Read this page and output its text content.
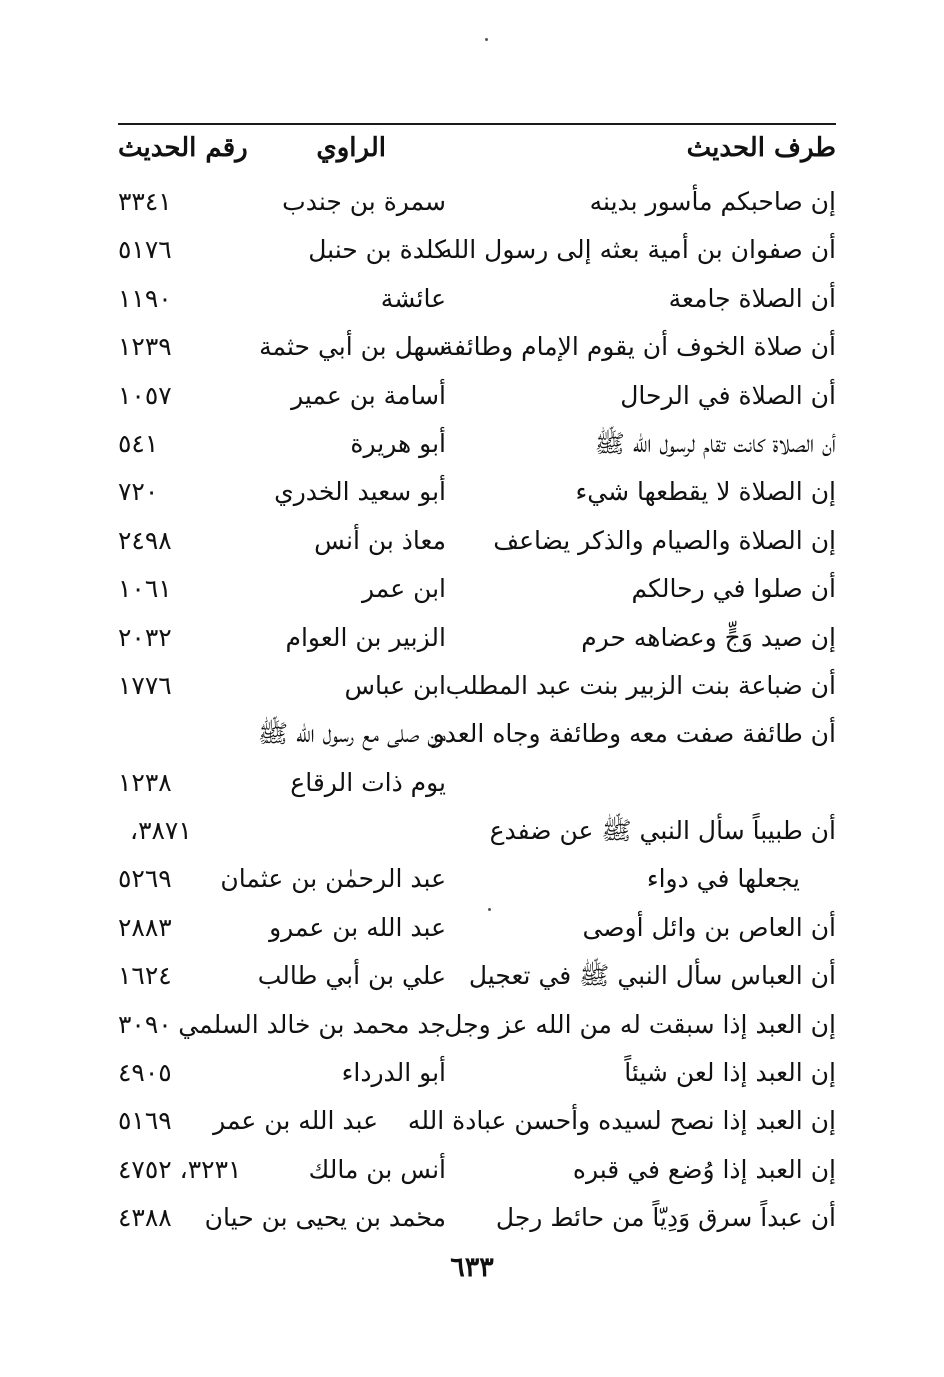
طرف الحديث
الراوي
رقم الحديث
إن صاحبكم مأسور بدينه
سمرة بن جندب
٣٣٤١
أن صفوان بن أمية بعثه إلى رسول الله
كلدة بن حنبل
٥١٧٦
أن الصلاة جامعة
عائشة
١١٩٠
أن صلاة الخوف أن يقوم الإمام وطائفة
سهل بن أبي حثمة
١٢٣٩
أن الصلاة في الرحال
أسامة بن عمير
١٠٥٧
أن الصلاة كانت تقام لرسول الله ﷺ
أبو هريرة
٥٤١
إن الصلاة لا يقطعها شيء
أبو سعيد الخدري
٧٢٠
إن الصلاة والصيام والذكر يضاعف
معاذ بن أنس
٢٤٩٨
أن صلوا في رحالكم
ابن عمر
١٠٦١
إن صيد وَجٍّ وعضاهه حرم
الزبير بن العوام
٢٠٣٢
أن ضباعة بنت الزبير بنت عبد المطلب
ابن عباس
١٧٧٦
أن طائفة صفت معه وطائفة وجاه العدو
من صلى مع رسول الله ﷺ
يوم ذات الرقاع
١٢٣٨
أن طبيباً سأل النبي ﷺ عن ضفدع
٣٨٧١،
يجعلها في دواء
عبد الرحمٰن بن عثمان
٥٢٦٩
أن العاص بن وائل أوصى
عبد الله بن عمرو
٢٨٨٣
أن العباس سأل النبي ﷺ في تعجيل
علي بن أبي طالب
١٦٢٤
إن العبد إذا سبقت له من الله عز وجل
جد محمد بن خالد السلمي
٣٠٩٠
إن العبد إذا لعن شيئاً
أبو الدرداء
٤٩٠٥
إن العبد إذا نصح لسيده وأحسن عبادة الله
عبد الله بن عمر
٥١٦٩
إن العبد إذا وُضع في قبره
أنس بن مالك
٣٢٣١، ٤٧٥٢
أن عبداً سرق وَدِيّاً من حائط رجل
محمد بن يحيى بن حيان
٤٣٨٨
٦٣٣
